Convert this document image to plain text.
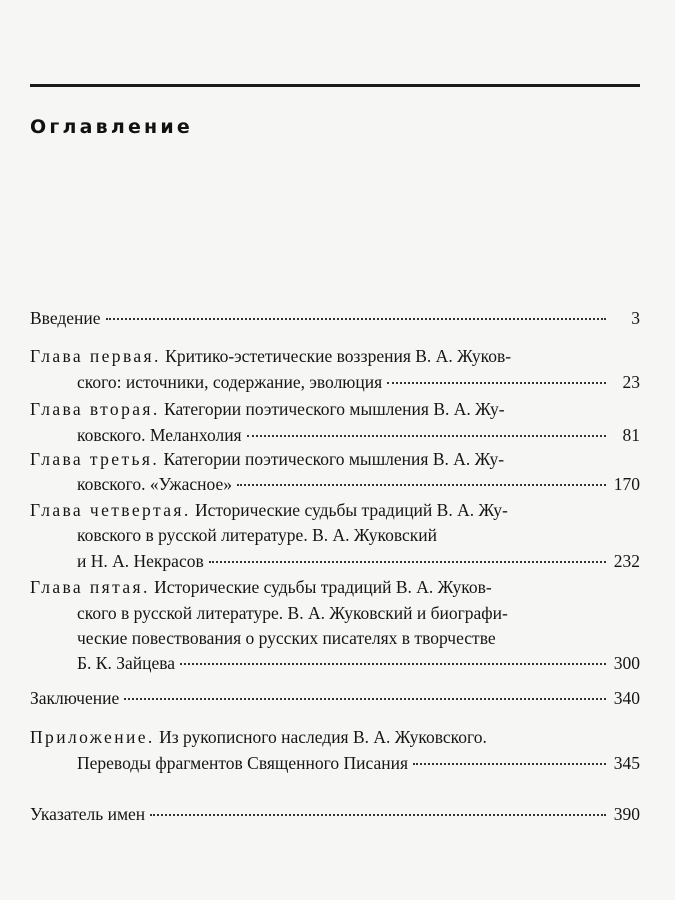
Оглавление
Введение	3
Глава первая. Критико-эстетические воззрения В. А. Жуков-
ского: источники, содержание, эволюция	23
Глава вторая. Категории поэтического мышления В. А. Жу-
ковского. Меланхолия	81
Глава третья. Категории поэтического мышления В. А. Жу-
ковского. «Ужасное»	170
Глава четвертая. Исторические судьбы традиций В. А. Жу-
ковского в русской литературе. В. А. Жуковский
и Н. А. Некрасов	232
Глава пятая. Исторические судьбы традиций В. А. Жуков-
ского в русской литературе. В. А. Жуковский и биографи-
ческие повествования о русских писателях в творчестве
Б. К. Зайцева	300
Заключение	340
Приложение. Из рукописного наследия В. А. Жуковского.
Переводы фрагментов Священного Писания	345
Указатель имен	390
